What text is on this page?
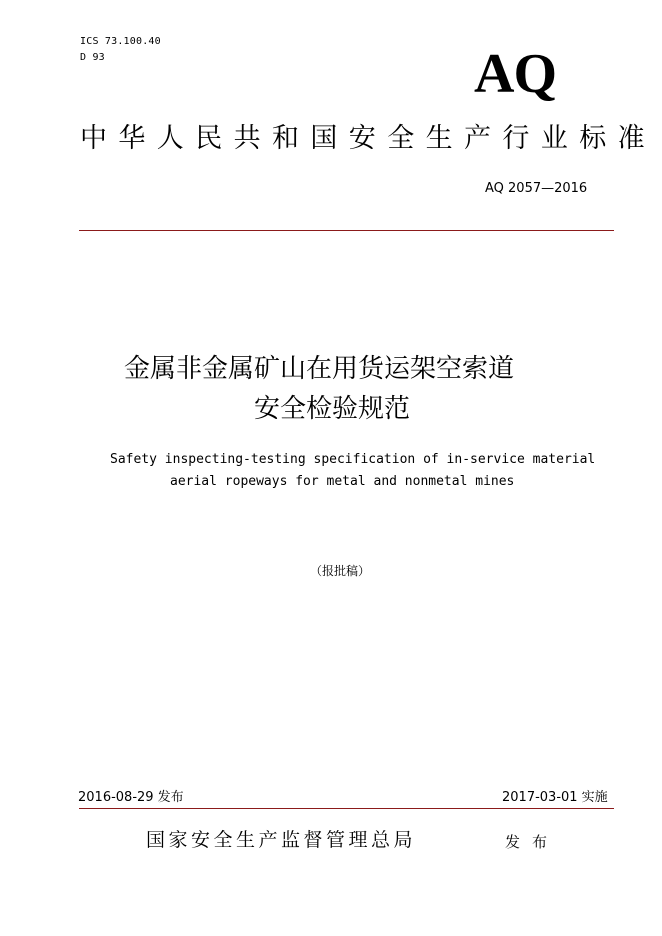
ICS 73.100.40
D 93	AQ
中华人民共和国安全生产行业标准
AQ 2057—2016
金属非金属矿山在用货运架空索道
安全检验规范
Safety inspecting-testing specification of in-service material
aerial ropeways for metal and nonmetal mines
（报批稿）
2016-08-29 发布	2017-03-01 实施
国家安全生产监督管理总局	发布
